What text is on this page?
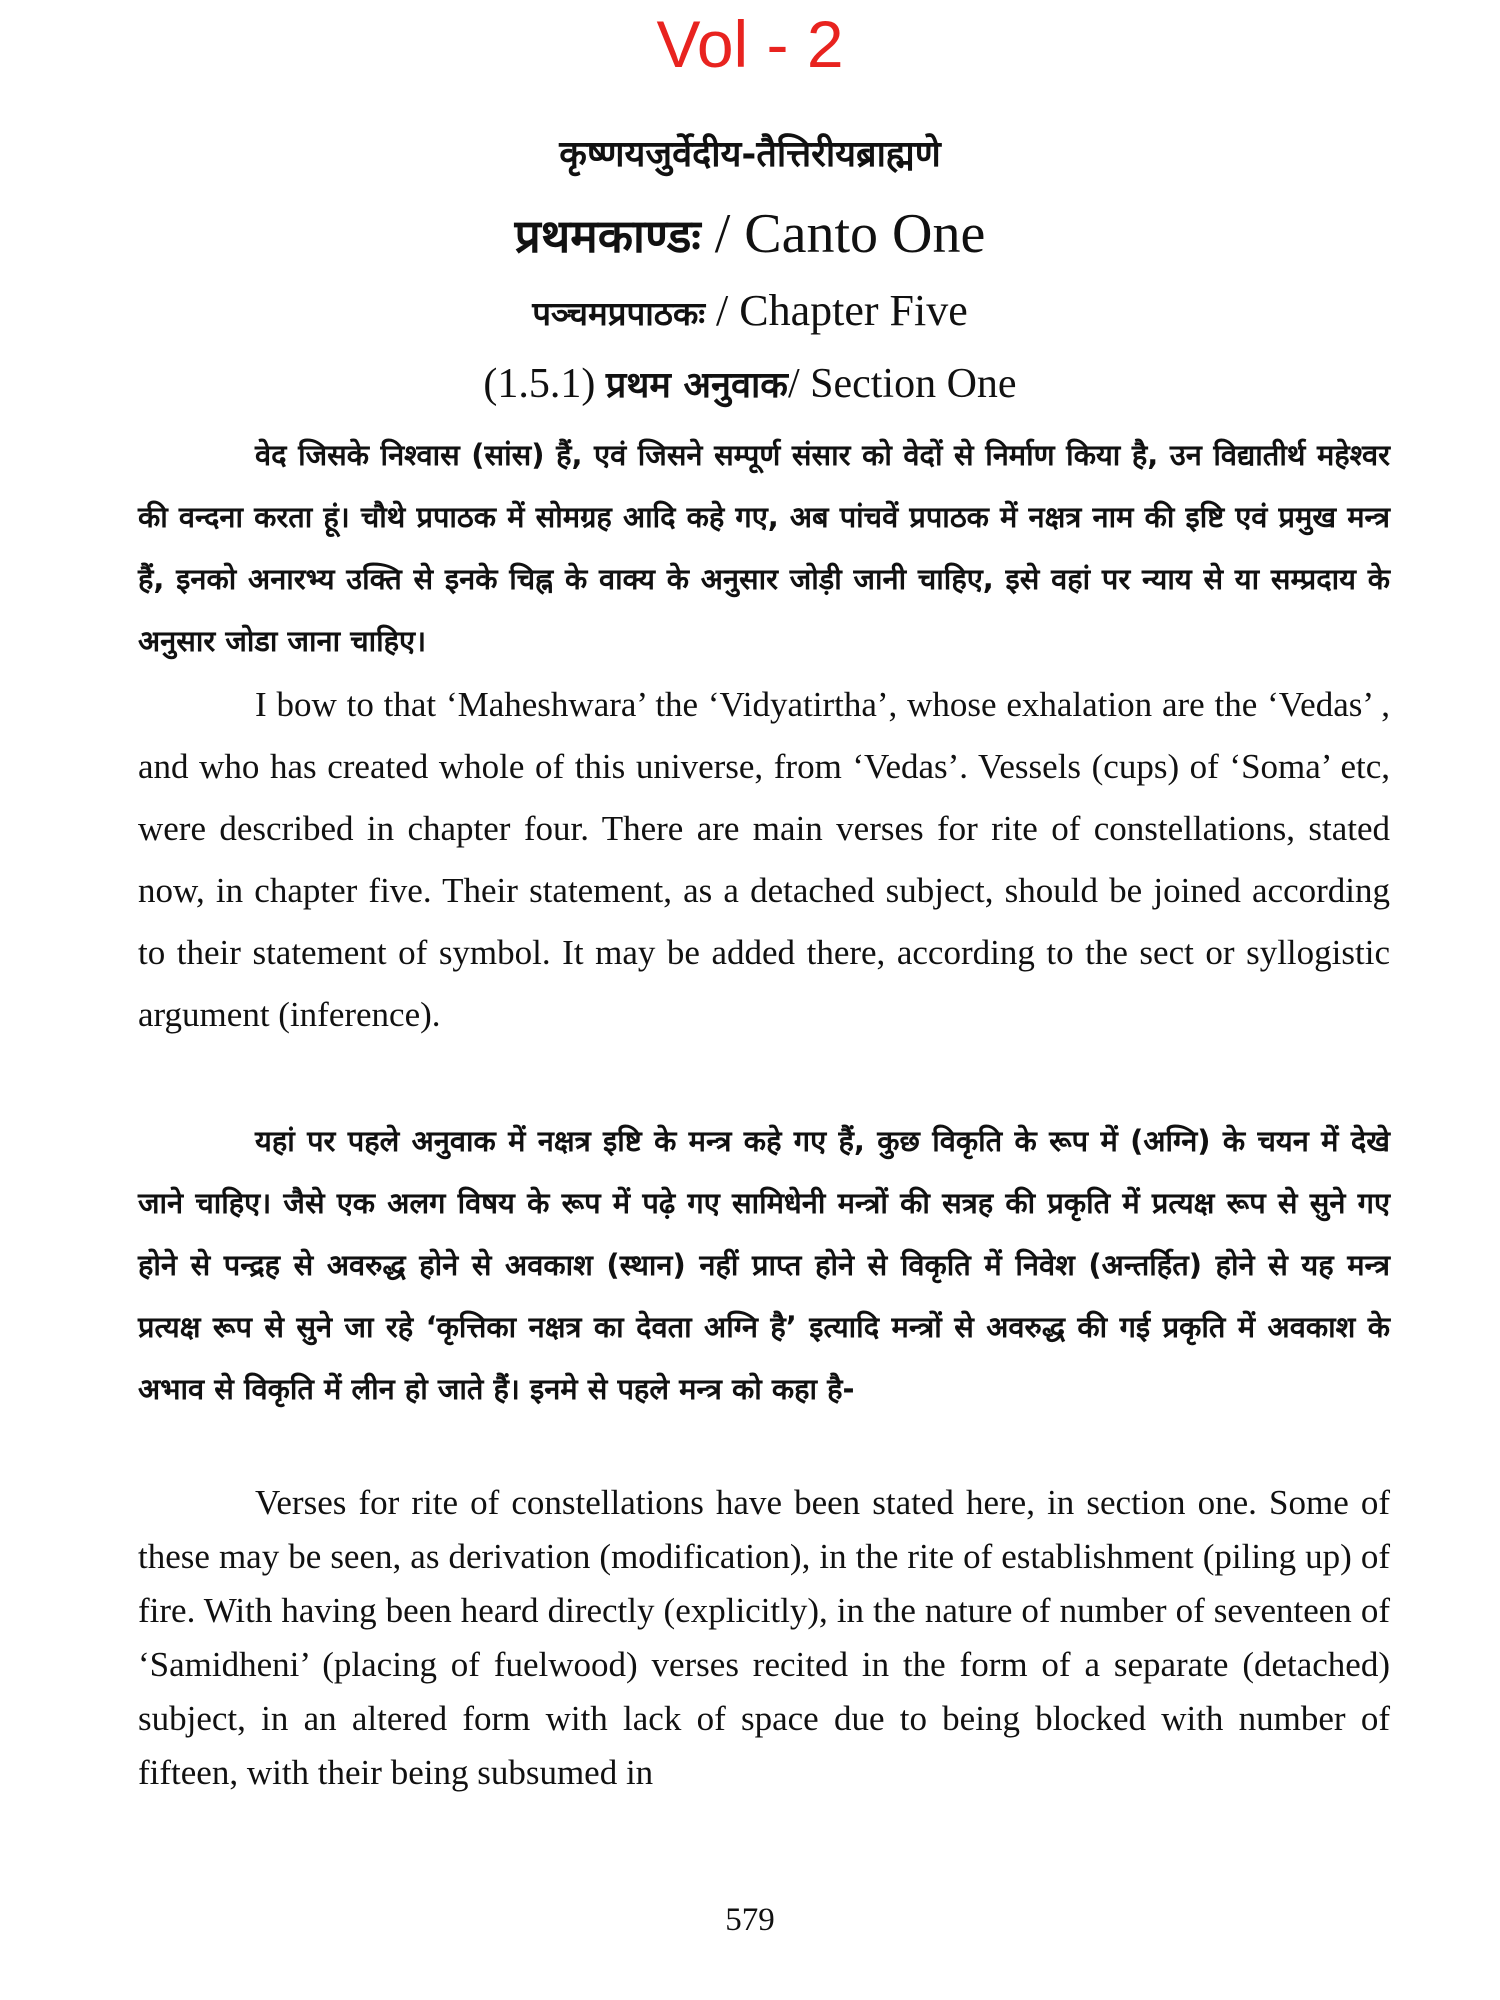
Vol - 2
कृष्णयजुर्वेदीय-तैत्तिरीयब्राह्मणे
प्रथमकाण्डः / Canto One
पञ्चमप्रपाठकः / Chapter Five
(1.5.1) प्रथम अनुवाक/ Section One

वेद जिसके निश्वास (सांस) हैं, एवं जिसने सम्पूर्ण संसार को वेदों से निर्माण किया है, उन विद्यातीर्थ महेश्वर की वन्दना करता हूं। चौथे प्रपाठक में सोमग्रह आदि कहे गए, अब पांचवें प्रपाठक में नक्षत्र नाम की इष्टि एवं प्रमुख मन्त्र हैं, इनको अनारभ्य उक्ति से इनके चिह्न के वाक्य के अनुसार जोड़ी जानी चाहिए, इसे वहां पर न्याय से या सम्प्रदाय के अनुसार जोडा जाना चाहिए।

I bow to that ‘Maheshwara’ the ‘Vidyatirtha’, whose exhalation are the ‘Vedas’ , and who has created whole of this universe, from ‘Vedas’. Vessels (cups) of ‘Soma’ etc, were described in chapter four. There are main verses for rite of constellations, stated now, in chapter five. Their statement, as a detached subject, should be joined according to their statement of symbol. It may be added there, according to the sect or syllogistic argument (inference).

यहां पर पहले अनुवाक में नक्षत्र इष्टि के मन्त्र कहे गए हैं, कुछ विकृति के रूप में (अग्नि) के चयन में देखे जाने चाहिए। जैसे एक अलग विषय के रूप में पढ़े गए सामिधेनी मन्त्रों की सत्रह की प्रकृति में प्रत्यक्ष रूप से सुने गए होने से पन्द्रह से अवरुद्ध होने से अवकाश (स्थान) नहीं प्राप्त होने से विकृति में निवेश (अन्तर्हित) होने से यह मन्त्र प्रत्यक्ष रूप से सुने जा रहे ‘कृत्तिका नक्षत्र का देवता अग्नि है’ इत्यादि मन्त्रों से अवरुद्ध की गई प्रकृति में अवकाश के अभाव से विकृति में लीन हो जाते हैं। इनमे से पहले मन्त्र को कहा है-

Verses for rite of constellations have been stated here, in section one. Some of these may be seen, as derivation (modification), in the rite of establishment (piling up) of fire. With having been heard directly (explicitly), in the nature of number of seventeen of ‘Samidheni’ (placing of fuelwood) verses recited in the form of a separate (detached) subject, in an altered form with lack of space due to being blocked with number of fifteen, with their being subsumed in

579
